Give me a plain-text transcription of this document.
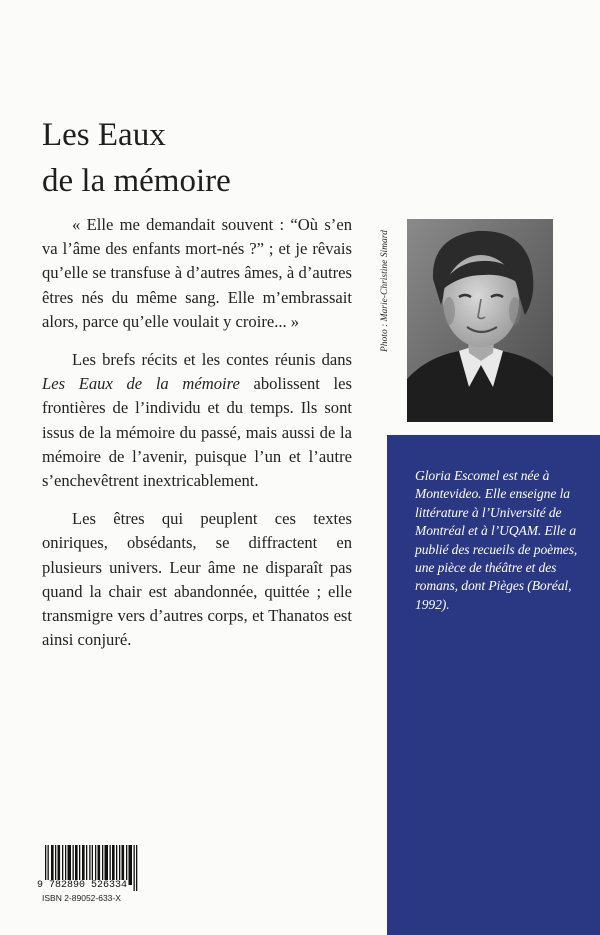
Les Eaux
de la mémoire

« Elle me demandait souvent : “Où s’en va l’âme des enfants mort-nés ?” ; et je rêvais qu’elle se transfuse à d’autres âmes, à d’autres êtres nés du même sang. Elle m’embrassait alors, parce qu’elle voulait y croire... »

Les brefs récits et les contes réunis dans Les Eaux de la mémoire abolissent les frontières de l’individu et du temps. Ils sont issus de la mémoire du passé, mais aussi de la mémoire de l’avenir, puisque l’un et l’autre s’enchevêtrent inextricablement.

Les êtres qui peuplent ces textes oniriques, obsédants, se diffractent en plusieurs univers. Leur âme ne disparaît pas quand la chair est abandonnée, quittée ; elle transmigre vers d’autres corps, et Thanatos est ainsi conjuré.

Photo : Marie-Christine Simard
Gloria Escomel est née à Montevideo. Elle enseigne la littérature à l’Université de Montréal et à l’UQAM. Elle a publié des recueils de poèmes, une pièce de théâtre et des romans, dont Pièges (Boréal, 1992).
9 782890 526334
ISBN 2-89052-633-X
